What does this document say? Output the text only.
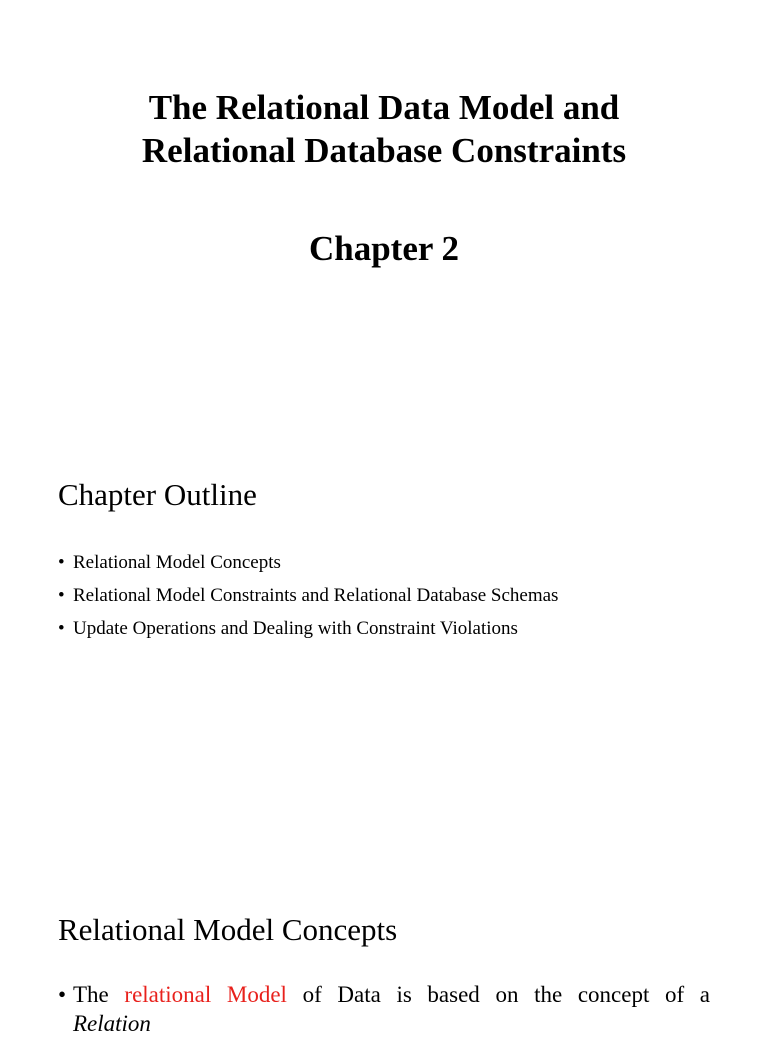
The Relational Data Model and
Relational Database Constraints
Chapter 2
Chapter Outline
• Relational Model Concepts
• Relational Model Constraints and Relational Database Schemas
• Update Operations and Dealing with Constraint Violations
Relational Model Concepts

• The relational Model of Data is based on the concept of a

Relation
